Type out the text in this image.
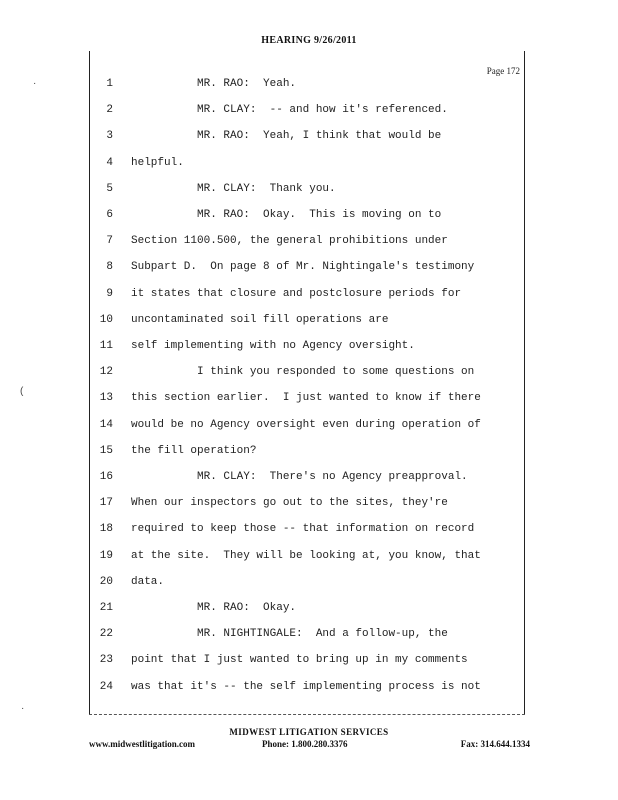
HEARING 9/26/2011
Page 172
1 MR. RAO:  Yeah.
2 MR. CLAY:  -- and how it's referenced.
3 MR. RAO:  Yeah, I think that would be
4 helpful.
5 MR. CLAY:  Thank you.
6 MR. RAO:  Okay.  This is moving on to
7 Section 1100.500, the general prohibitions under
8 Subpart D.  On page 8 of Mr. Nightingale's testimony
9 it states that closure and postclosure periods for
10 uncontaminated soil fill operations are
11 self implementing with no Agency oversight.
12 I think you responded to some questions on
13 this section earlier.  I just wanted to know if there
14 would be no Agency oversight even during operation of
15 the fill operation?
16 MR. CLAY:  There's no Agency preapproval.
17 When our inspectors go out to the sites, they're
18 required to keep those -- that information on record
19 at the site.  They will be looking at, you know, that
20 data.
21 MR. RAO:  Okay.
22 MR. NIGHTINGALE:  And a follow-up, the
23 point that I just wanted to bring up in my comments
24 was that it's -- the self implementing process is not
MIDWEST LITIGATION SERVICES
www.midwestlitigation.com	Phone: 1.800.280.3376	Fax: 314.644.1334
·
(
·
